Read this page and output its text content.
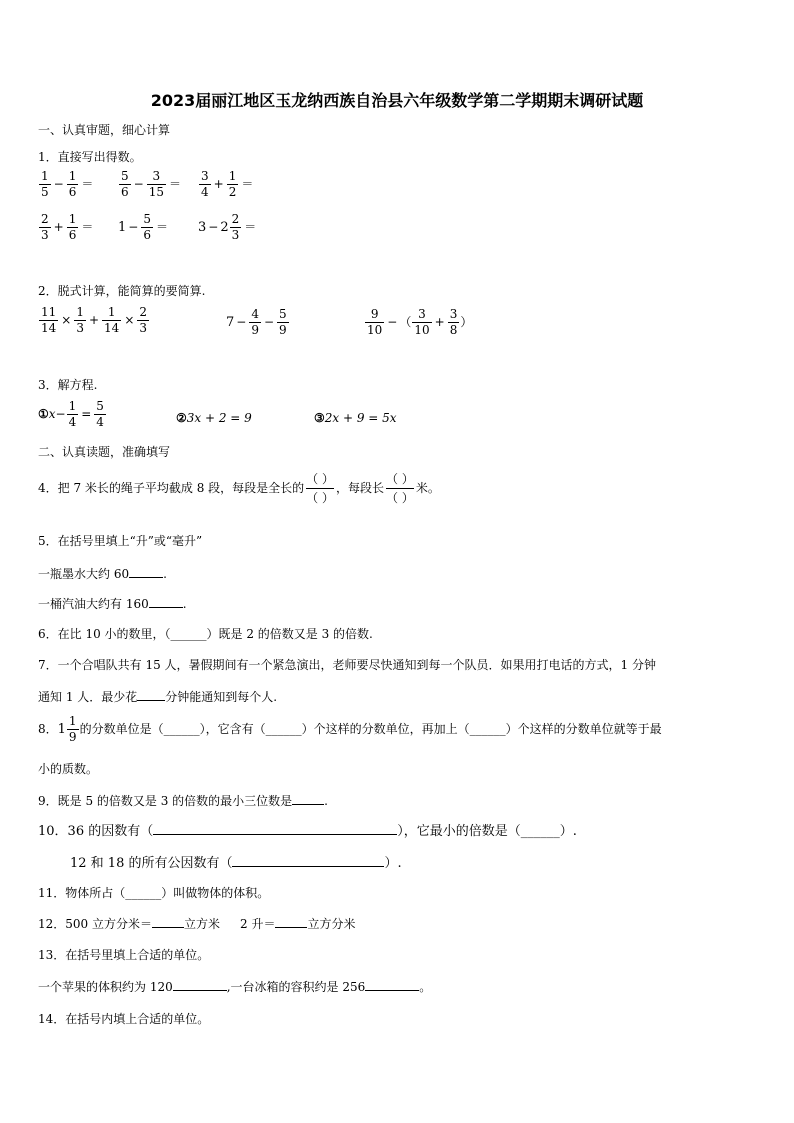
2023届丽江地区玉龙纳西族自治县六年级数学第二学期期末调研试题
一、认真审题，细心计算
1．直接写出得数。
$\frac{1}{5} - \frac{1}{6} = \frac{5}{6} - \frac{3}{15} = \frac{3}{4} + \frac{1}{2}$ ＝
$\frac{2}{3} + \frac{1}{6} = 1 - \frac{5}{6} = 3 - 2 \frac{2}{3}$ ＝
2．脱式计算，能简算的要简算.
$\frac{11}{14} \times \frac{1}{3} + \frac{1}{14} \times \frac{2}{3}$	$7 - \frac{4}{9} - \frac{5}{9}$	$\frac{9}{10}$ − （ $\frac{3}{10} + \frac{3}{8}$ ）
3．解方程.
①x− $\frac{1}{4} = \frac{5}{4}$	②3x + 2 = 9	③2x + 9 = 5x
二、认真读题，准确填写
4．把 7 米长的绳子平均截成 8 段，每段是全长的
（ ）
（ ）
，每段长
（ ）
（ ）
米。
5．在括号里填上“升”或“毫升”
一瓶墨水大约 60	.
一桶汽油大约有 160	.
6．在比 10 小的数里，（______）既是 2 的倍数又是 3 的倍数.
7．一个合唱队共有 15 人，暑假期间有一个紧急演出，老师要尽快通知到每一个队员．如果用打电话的方式，1 分钟
通知 1 人．最少花 分钟能通知到每个人.
8．$1 \frac{1}{9}$ 的分数单位是（______），它含有（______）个这样的分数单位，再加上（______）个这样的分数单位就等于最
小的质数。
9．既是 5 的倍数又是 3 的倍数的最小三位数是	.
10．36 的因数有（	），它最小的倍数是（______）.
12 和 18 的所有公因数有（	）.
11．物体所占（______）叫做物体的体积。
12．500 立方分米＝	立方米 2 升＝	立方分米
13．在括号里填上合适的单位。
一个苹果的体积约为 120	,一台冰箱的容积约是 256	。
14．在括号内填上合适的单位。
